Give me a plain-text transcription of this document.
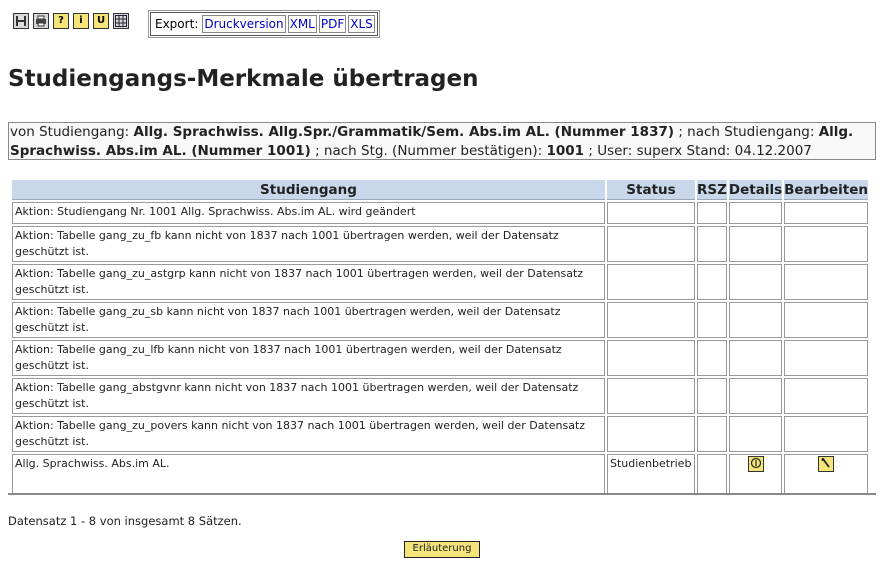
?	i	U	Export: Druckversion XML PDF XLS
Studiengangs-Merkmale übertragen
von Studiengang: Allg. Sprachwiss. Allg.Spr./Grammatik/Sem. Abs.im AL. (Nummer 1837) ; nach Studiengang: Allg. Sprachwiss. Abs.im AL. (Nummer 1001) ; nach Stg. (Nummer bestätigen): 1001 ; User: superx Stand: 04.12.2007
Studiengang	Status	RSZ	Details	Bearbeiten
Aktion: Studiengang Nr. 1001 Allg. Sprachwiss. Abs.im AL. wird geändert				
Aktion: Tabelle gang_zu_fb kann nicht von 1837 nach 1001 übertragen werden, weil der Datensatz geschützt ist.				
Aktion: Tabelle gang_zu_astgrp kann nicht von 1837 nach 1001 übertragen werden, weil der Datensatz geschützt ist.				
Aktion: Tabelle gang_zu_sb kann nicht von 1837 nach 1001 übertragen werden, weil der Datensatz geschützt ist.				
Aktion: Tabelle gang_zu_lfb kann nicht von 1837 nach 1001 übertragen werden, weil der Datensatz geschützt ist.				
Aktion: Tabelle gang_abstgvnr kann nicht von 1837 nach 1001 übertragen werden, weil der Datensatz geschützt ist.				
Aktion: Tabelle gang_zu_povers kann nicht von 1837 nach 1001 übertragen werden, weil der Datensatz geschützt ist.				
Allg. Sprachwiss. Abs.im AL.	Studienbetrieb			
Datensatz 1 - 8 von insgesamt 8 Sätzen.
Erläuterung
